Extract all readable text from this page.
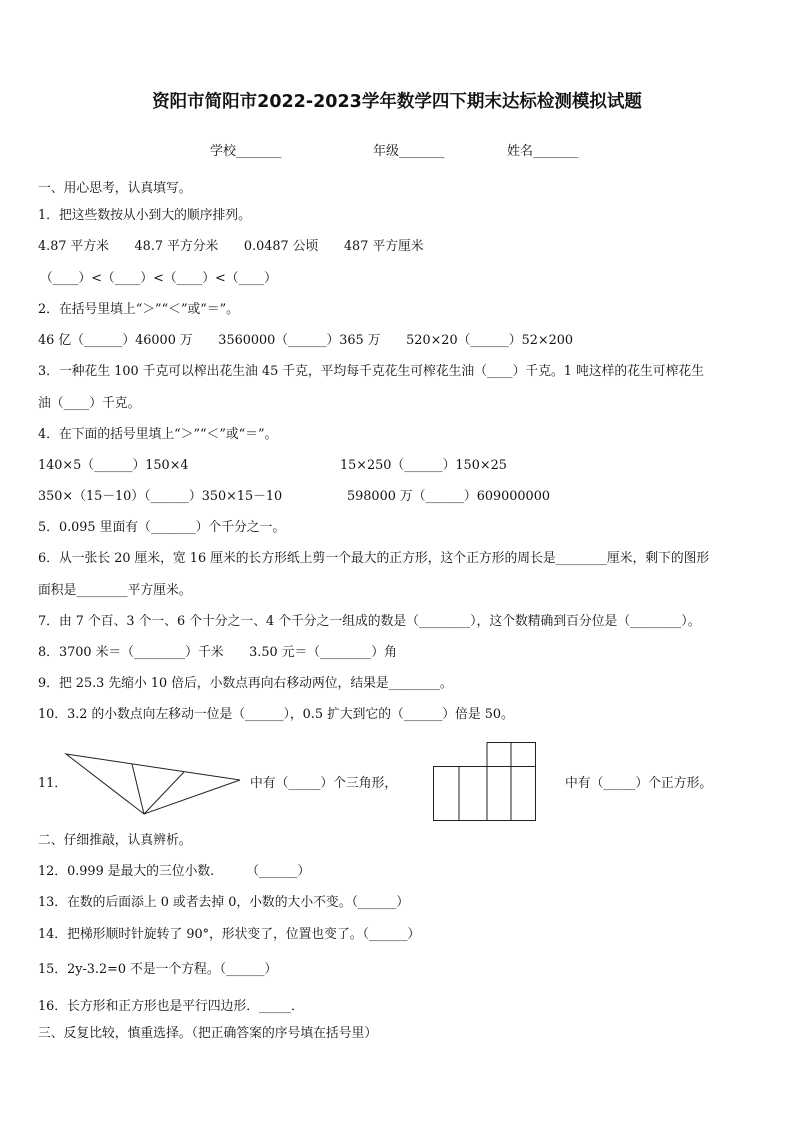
资阳市简阳市2022-2023学年数学四下期末达标检测模拟试题
学校_______	年级_______	姓名_______
一、用心思考，认真填写。
1．把这些数按从小到大的顺序排列。
4.87 平方米　　48.7 平方分米　　0.0487 公顷　　487 平方厘米
（____）<（____）<（____）<（____）
2．在括号里填上“＞”“＜”或“＝”。
46 亿（______）46000 万　　3560000（______）365 万　　520×20（______）52×200
3．一种花生 100 千克可以榨出花生油 45 千克，平均每千克花生可榨花生油（____）千克。1 吨这样的花生可榨花生
油（____）千克。
4．在下面的括号里填上“＞”“＜”或“＝”。
140×5（______）150×4	15×250（______）150×25
350×（15－10）（______）350×15－10	598000 万（______）609000000
5．0.095 里面有（_______）个千分之一。
6．从一张长 20 厘米，宽 16 厘米的长方形纸上剪一个最大的正方形，这个正方形的周长是________厘米，剩下的图形
面积是________平方厘米。
7．由 7 个百、3 个一、6 个十分之一、4 个千分之一组成的数是（________），这个数精确到百分位是（________）。
8．3700 米＝（________）千米　　3.50 元＝（________）角
9．把 25.3 先缩小 10 倍后，小数点再向右移动两位，结果是________。
10．3.2 的小数点向左移动一位是（______），0.5 扩大到它的（______）倍是 50。
11．	中有（_____）个三角形，	中有（_____）个正方形。
二、仔细推敲，认真辨析。
12．0.999 是最大的三位小数.　　　（______）
13．在数的后面添上 0 或者去掉 0，小数的大小不变。（______）
14．把梯形顺时针旋转了 90°，形状变了，位置也变了。（______）
15．2y-3.2=0 不是一个方程。（______）
16．长方形和正方形也是平行四边形．_____．
三、反复比较，慎重选择。（把正确答案的序号填在括号里）
